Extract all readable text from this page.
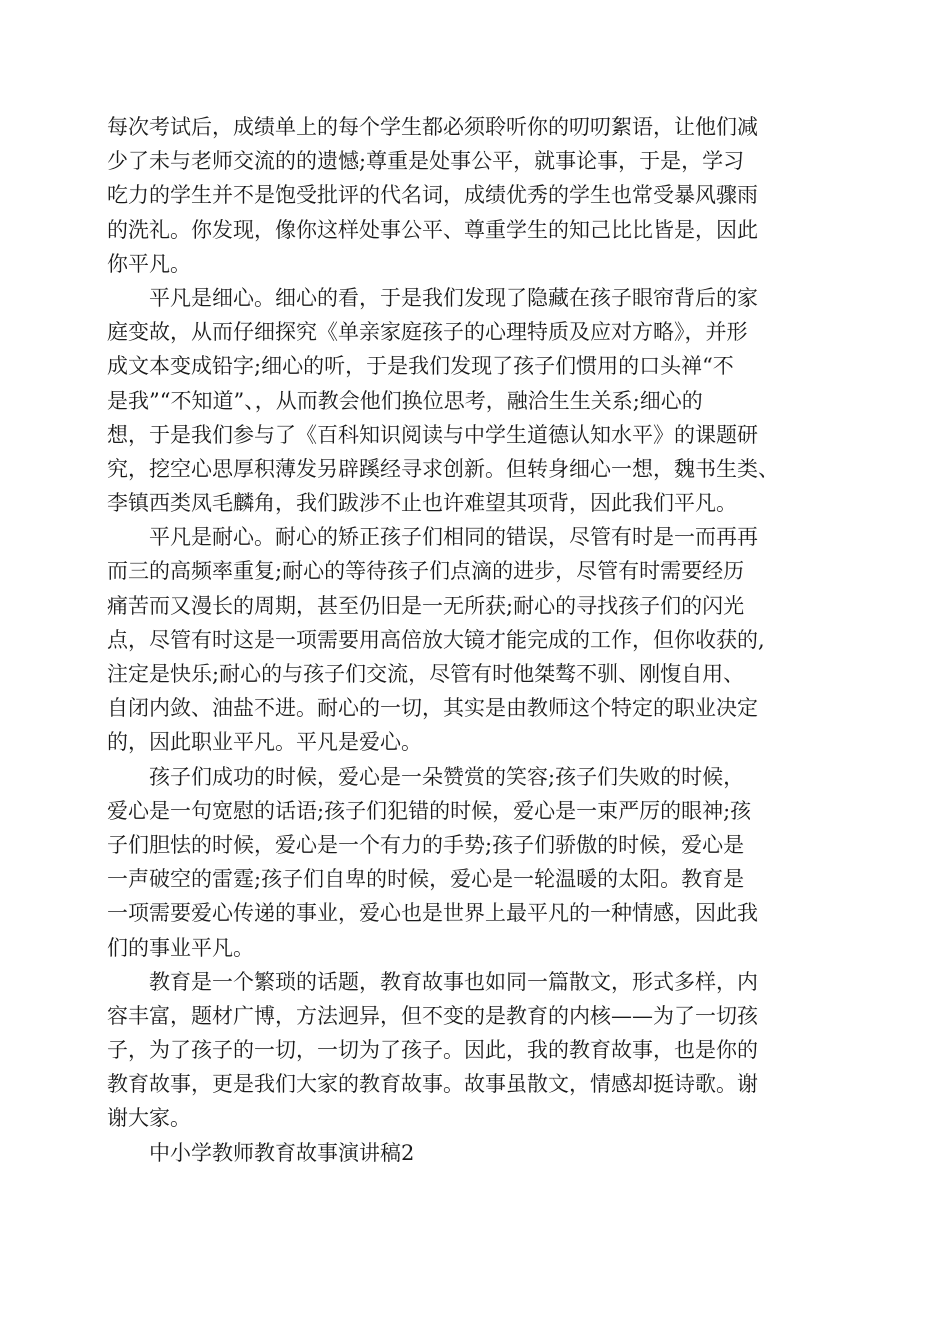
每次考试后，成绩单上的每个学生都必须聆听你的叨叨絮语，让他们减
少了未与老师交流的的遗憾;尊重是处事公平，就事论事，于是，学习
吃力的学生并不是饱受批评的代名词，成绩优秀的学生也常受暴风骤雨
的洗礼。你发现，像你这样处事公平、尊重学生的知己比比皆是，因此
你平凡。

平凡是细心。细心的看，于是我们发现了隐藏在孩子眼帘背后的家
庭变故，从而仔细探究《单亲家庭孩子的心理特质及应对方略》，并形
成文本变成铅字;细心的听，于是我们发现了孩子们惯用的口头禅“不
是我”“不知道”、，从而教会他们换位思考，融洽生生关系;细心的
想，于是我们参与了《百科知识阅读与中学生道德认知水平》的课题研
究，挖空心思厚积薄发另辟蹊经寻求创新。但转身细心一想，魏书生类、
李镇西类凤毛麟角，我们跋涉不止也许难望其项背，因此我们平凡。

平凡是耐心。耐心的矫正孩子们相同的错误，尽管有时是一而再再
而三的高频率重复;耐心的等待孩子们点滴的进步，尽管有时需要经历
痛苦而又漫长的周期，甚至仍旧是一无所获;耐心的寻找孩子们的闪光
点，尽管有时这是一项需要用高倍放大镜才能完成的工作，但你收获的,
注定是快乐;耐心的与孩子们交流，尽管有时他桀骜不驯、刚愎自用、
自闭内敛、油盐不进。耐心的一切，其实是由教师这个特定的职业决定
的，因此职业平凡。平凡是爱心。

孩子们成功的时候，爱心是一朵赞赏的笑容;孩子们失败的时候，
爱心是一句宽慰的话语;孩子们犯错的时候，爱心是一束严厉的眼神;孩
子们胆怯的时候，爱心是一个有力的手势;孩子们骄傲的时候，爱心是
一声破空的雷霆;孩子们自卑的时候，爱心是一轮温暖的太阳。教育是
一项需要爱心传递的事业，爱心也是世界上最平凡的一种情感，因此我
们的事业平凡。

教育是一个繁琐的话题，教育故事也如同一篇散文，形式多样，内
容丰富，题材广博，方法迥异，但不变的是教育的内核——为了一切孩
子，为了孩子的一切，一切为了孩子。因此，我的教育故事，也是你的
教育故事，更是我们大家的教育故事。故事虽散文，情感却挺诗歌。谢
谢大家。

中小学教师教育故事演讲稿2
